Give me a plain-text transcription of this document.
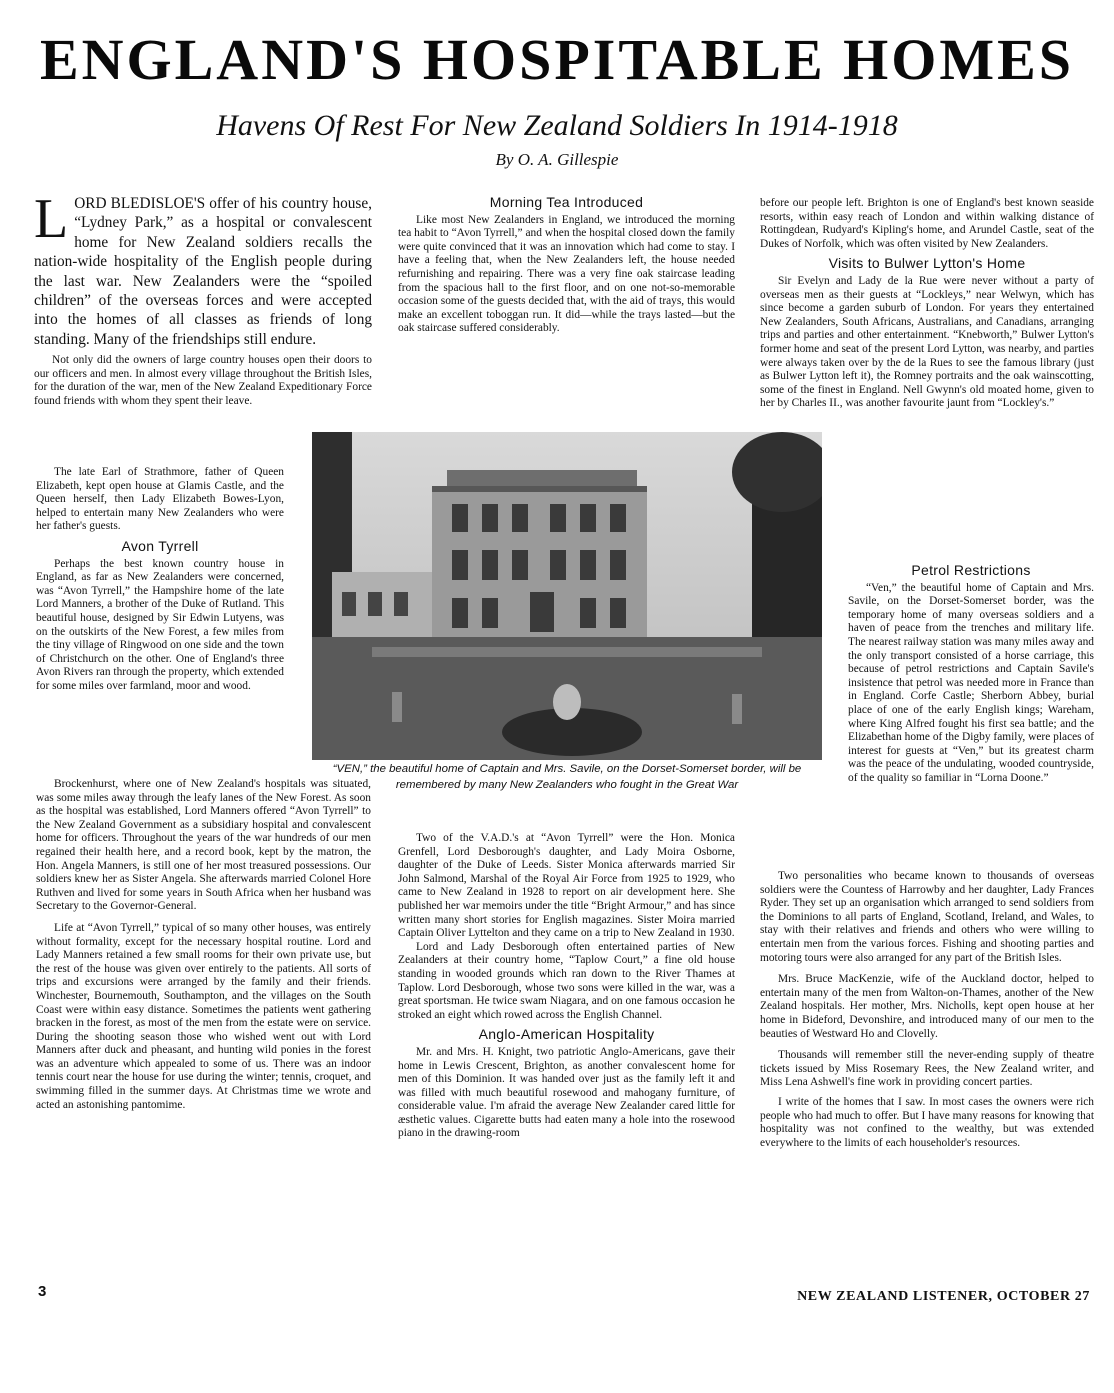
ENGLAND'S HOSPITABLE HOMES
Havens Of Rest For New Zealand Soldiers In 1914-1918
By O. A. Gillespie
LORD BLEDISLOE'S offer of his country house, “Lydney Park,” as a hospital or convalescent home for New Zealand soldiers recalls the nation-wide hospitality of the English people during the last war. New Zealanders were the “spoiled children” of the overseas forces and were accepted into the homes of all classes as friends of long standing. Many of the friendships still endure.

Not only did the owners of large country houses open their doors to our officers and men. In almost every village throughout the British Isles, for the duration of the war, men of the New Zealand Expeditionary Force found friends with whom they spent their leave.

The late Earl of Strathmore, father of Queen Elizabeth, kept open house at Glamis Castle, and the Queen herself, then Lady Elizabeth Bowes-Lyon, helped to entertain many New Zealanders who were her father's guests.

Avon Tyrrell

Perhaps the best known country house in England, as far as New Zealanders were concerned, was “Avon Tyrrell,” the Hampshire home of the late Lord Manners, a brother of the Duke of Rutland. This beautiful house, designed by Sir Edwin Lutyens, was on the outskirts of the New Forest, a few miles from the tiny village of Ringwood on one side and the town of Christchurch on the other. One of England's three Avon Rivers ran through the property, which extended for some miles over farmland, moor and wood.

Brockenhurst, where one of New Zealand's hospitals was situated, was some miles away through the leafy lanes of the New Forest. As soon as the hospital was established, Lord Manners offered “Avon Tyrrell” to the New Zealand Government as a subsidiary hospital and convalescent home for officers. Throughout the years of the war hundreds of our men regained their health here, and a record book, kept by the matron, the Hon. Angela Manners, is still one of her most treasured possessions. Our soldiers knew her as Sister Angela. She afterwards married Colonel Hore Ruthven and lived for some years in South Africa when her husband was Secretary to the Governor-General.

Life at “Avon Tyrrell,” typical of so many other houses, was entirely without formality, except for the necessary hospital routine. Lord and Lady Manners retained a few small rooms for their own private use, but the rest of the house was given over entirely to the patients. All sorts of trips and excursions were arranged by the family and their friends. Winchester, Bournemouth, Southampton, and the villages on the South Coast were within easy distance. Sometimes the patients went gathering bracken in the forest, as most of the men from the estate were on service. During the shooting season those who wished went out with Lord Manners after duck and pheasant, and hunting wild ponies in the forest was an adventure which appealed to some of us. There was an indoor tennis court near the house for use during the winter; tennis, croquet, and swimming filled in the summer days. At Christmas time we wrote and acted an astonishing pantomime.

Morning Tea Introduced

Like most New Zealanders in England, we introduced the morning tea habit to “Avon Tyrrell,” and when the hospital closed down the family were quite convinced that it was an innovation which had come to stay. I have a feeling that, when the New Zealanders left, the house needed refurnishing and repairing. There was a very fine oak staircase leading from the spacious hall to the first floor, and on one not-so-memorable occasion some of the guests decided that, with the aid of trays, this would make an excellent toboggan run. It did—while the trays lasted—but the oak staircase suffered considerably.

“VEN,” the beautiful home of Captain and Mrs. Savile, on the Dorset-Somerset border, will be remembered by many New Zealanders who fought in the Great War

Two of the V.A.D.'s at “Avon Tyrrell” were the Hon. Monica Grenfell, Lord Desborough's daughter, and Lady Moira Osborne, daughter of the Duke of Leeds. Sister Monica afterwards married Sir John Salmond, Marshal of the Royal Air Force from 1925 to 1929, who came to New Zealand in 1928 to report on air development here. She published her war memoirs under the title “Bright Armour,” and has since written many short stories for English magazines. Sister Moira married Captain Oliver Lyttelton and they came on a trip to New Zealand in 1930.

Lord and Lady Desborough often entertained parties of New Zealanders at their country home, “Taplow Court,” a fine old house standing in wooded grounds which ran down to the River Thames at Taplow. Lord Desborough, whose two sons were killed in the war, was a great sportsman. He twice swam Niagara, and on one famous occasion he stroked an eight which rowed across the English Channel.

Anglo-American Hospitality

Mr. and Mrs. H. Knight, two patriotic Anglo-Americans, gave their home in Lewis Crescent, Brighton, as another convalescent home for men of this Dominion. It was handed over just as the family left it and was filled with much beautiful rosewood and mahogany furniture, of considerable value. I'm afraid the average New Zealander cared little for æsthetic values. Cigarette butts had eaten many a hole into the rosewood piano in the drawing-room

before our people left. Brighton is one of England's best known seaside resorts, within easy reach of London and within walking distance of Rottingdean, Rudyard's Kipling's home, and Arundel Castle, seat of the Dukes of Norfolk, which was often visited by New Zealanders.

Visits to Bulwer Lytton's Home

Sir Evelyn and Lady de la Rue were never without a party of overseas men as their guests at “Lockleys,” near Welwyn, which has since become a garden suburb of London. For years they entertained New Zealanders, South Africans, Australians, and Canadians, arranging trips and parties and other entertainment. “Knebworth,” Bulwer Lytton's former home and seat of the present Lord Lytton, was nearby, and parties were always taken over by the de la Rues to see the famous library (just as Bulwer Lytton left it), the Romney portraits and the oak wainscotting, some of the finest in England. Nell Gwynn's old moated home, given to her by Charles II., was another favourite jaunt from “Lockley's.”

Petrol Restrictions

“Ven,” the beautiful home of Captain and Mrs. Savile, on the Dorset-Somerset border, was the temporary home of many overseas soldiers and a haven of peace from the trenches and military life. The nearest railway station was many miles away and the only transport consisted of a horse carriage, this because of petrol restrictions and Captain Savile's insistence that petrol was needed more in France than in England. Corfe Castle; Sherborn Abbey, burial place of one of the early English kings; Wareham, where King Alfred fought his first sea battle; and the Elizabethan home of the Digby family, were places of interest for guests at “Ven,” but its greatest charm was the peace of the undulating, wooded countryside, of the quality so familiar in “Lorna Doone.”

Two personalities who became known to thousands of overseas soldiers were the Countess of Harrowby and her daughter, Lady Frances Ryder. They set up an organisation which arranged to send soldiers from the Dominions to all parts of England, Scotland, Ireland, and Wales, to stay with their relatives and friends and others who were willing to entertain men from the various forces. Fishing and shooting parties and motoring tours were also arranged for any part of the British Isles.

Mrs. Bruce MacKenzie, wife of the Auckland doctor, helped to entertain many of the men from Walton-on-Thames, another of the New Zealand hospitals. Her mother, Mrs. Nicholls, kept open house at her home in Bideford, Devonshire, and introduced many of our men to the beauties of Westward Ho and Clovelly.

Thousands will remember still the never-ending supply of theatre tickets issued by Miss Rosemary Rees, the New Zealand writer, and Miss Lena Ashwell's fine work in providing concert parties.

I write of the homes that I saw. In most cases the owners were rich people who had much to offer. But I have many reasons for knowing that hospitality was not confined to the wealthy, but was extended everywhere to the limits of each householder's resources.

3	NEW ZEALAND LISTENER, OCTOBER 27
